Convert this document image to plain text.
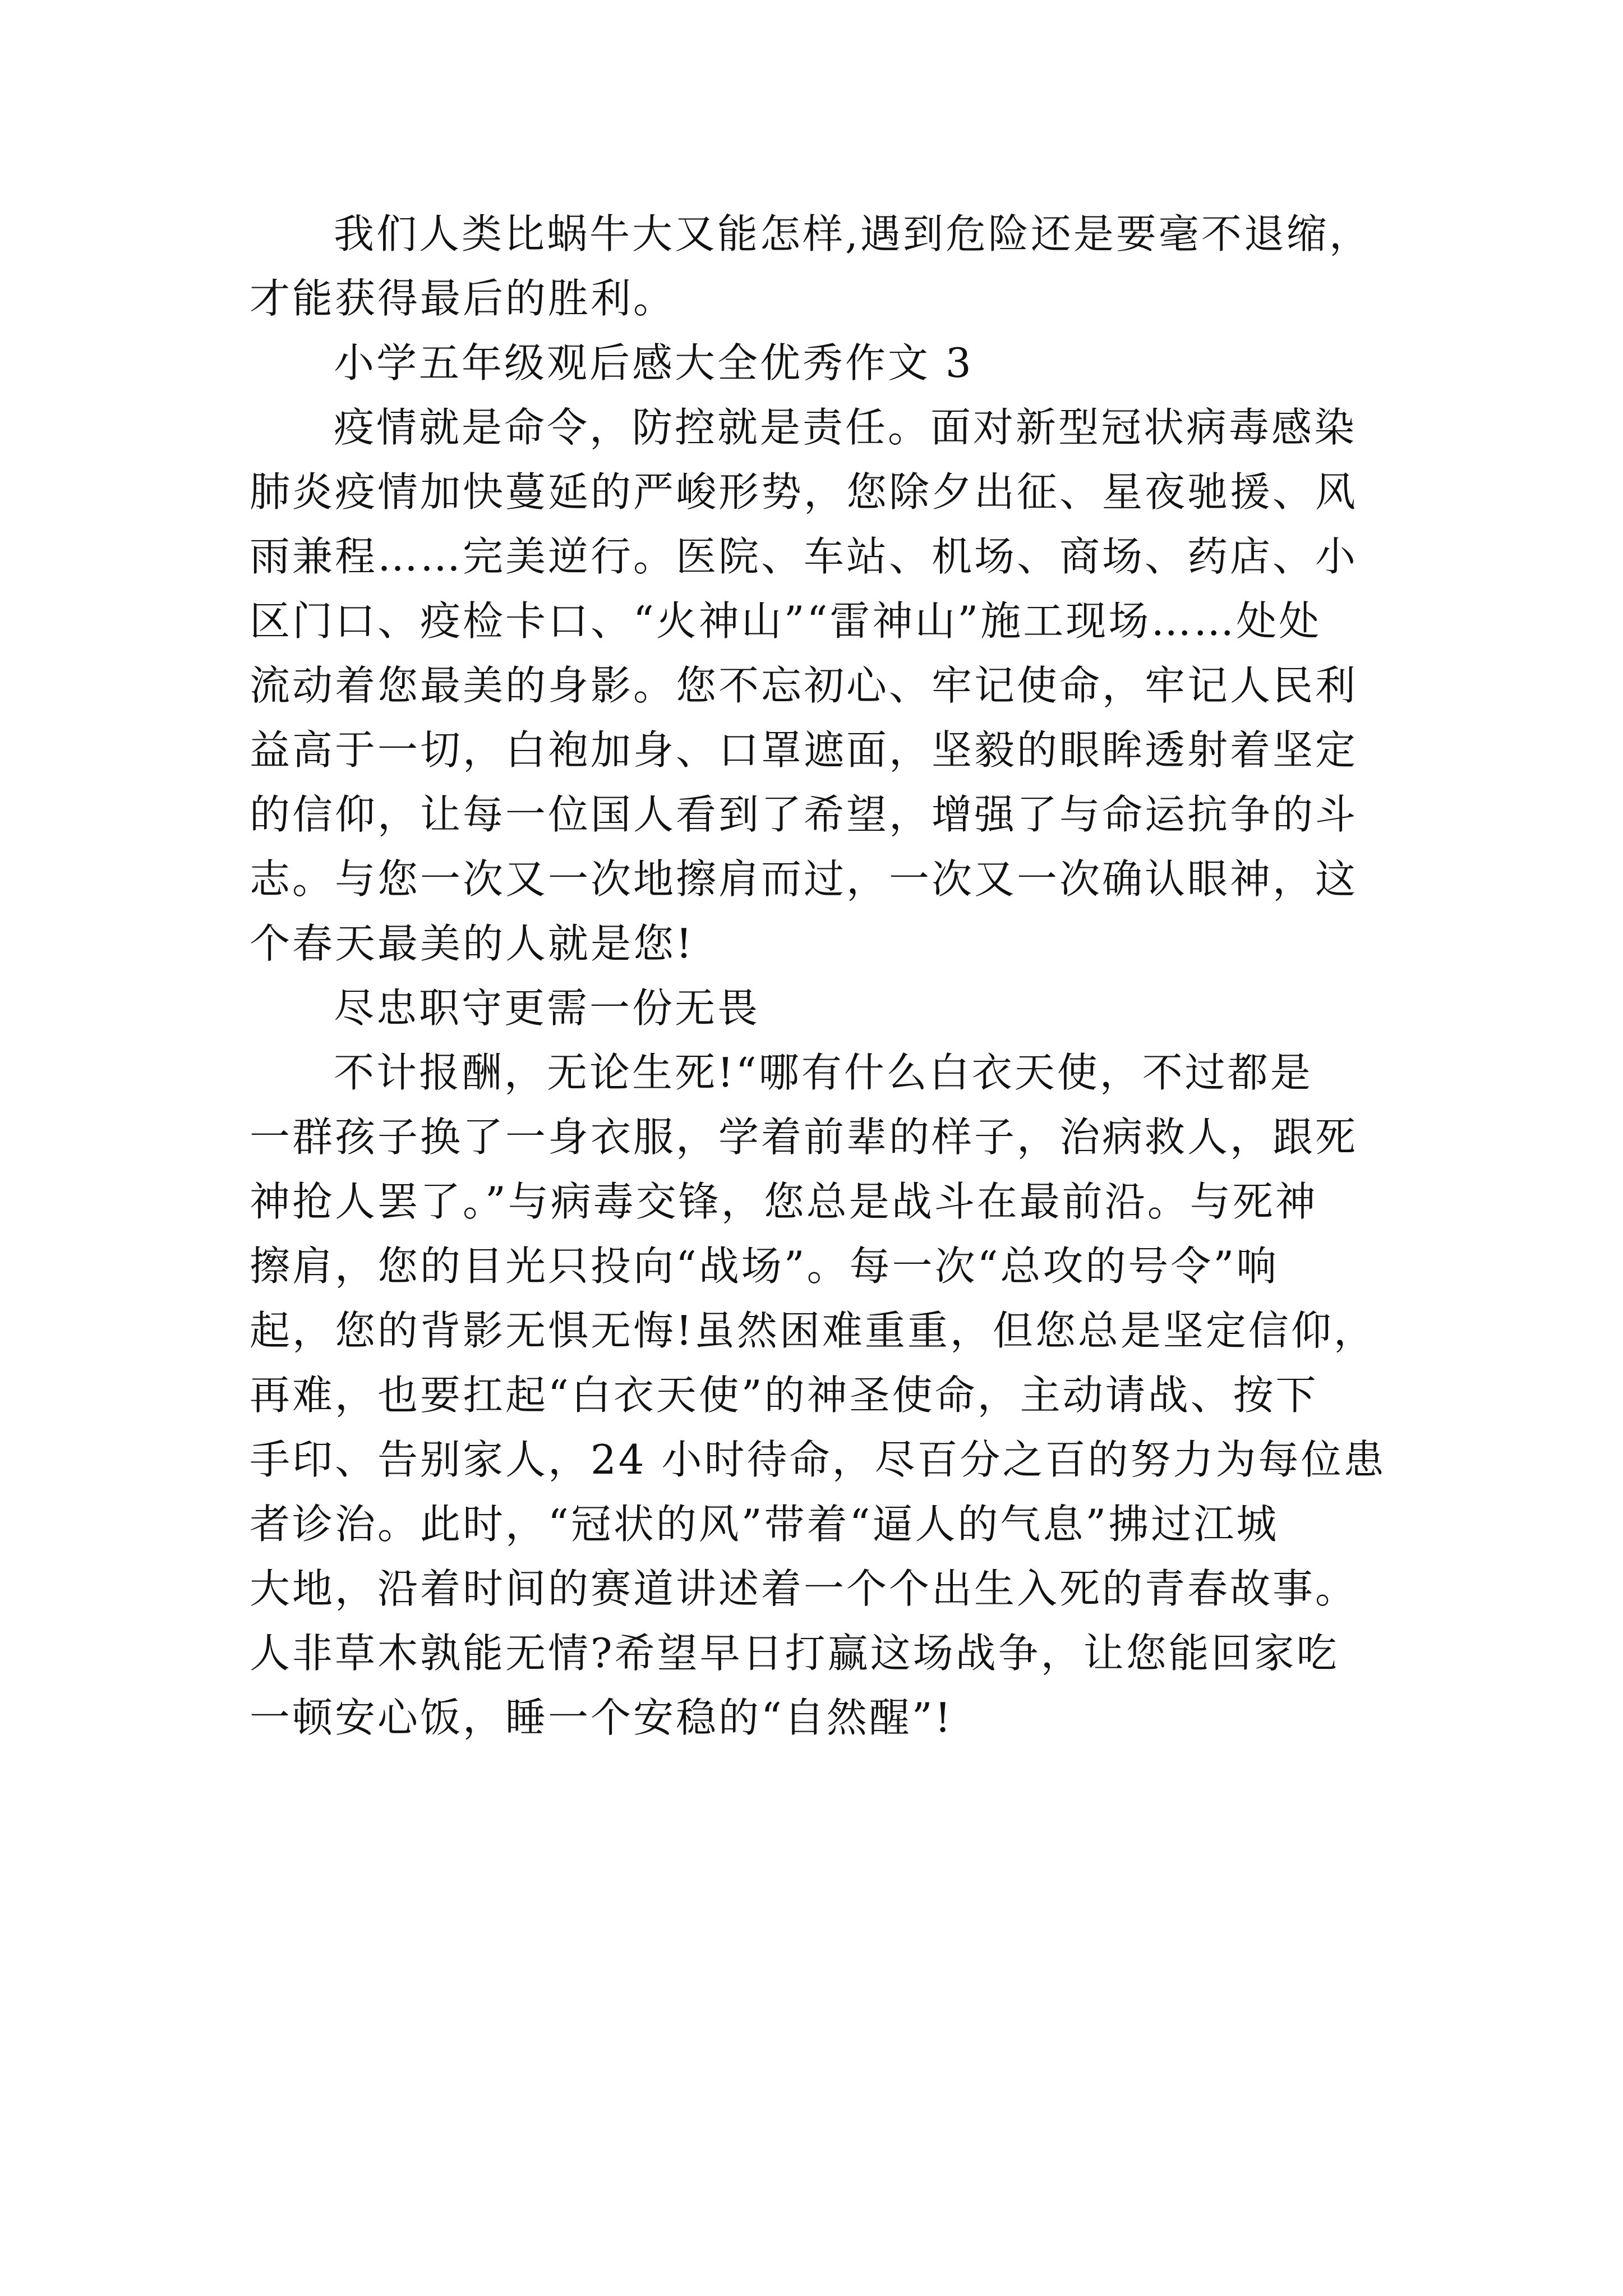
我们人类比蜗牛大又能怎样,遇到危险还是要毫不退缩，
才能获得最后的胜利。

小学五年级观后感大全优秀作文 3

疫情就是命令，防控就是责任。面对新型冠状病毒感染
肺炎疫情加快蔓延的严峻形势，您除夕出征、星夜驰援、风
雨兼程……完美逆行。医院、车站、机场、商场、药店、小
区门口、疫检卡口、“火神山”“雷神山”施工现场……处处
流动着您最美的身影。您不忘初心、牢记使命，牢记人民利
益高于一切，白袍加身、口罩遮面，坚毅的眼眸透射着坚定
的信仰，让每一位国人看到了希望，增强了与命运抗争的斗
志。与您一次又一次地擦肩而过，一次又一次确认眼神，这
个春天最美的人就是您!

尽忠职守更需一份无畏

不计报酬，无论生死!“哪有什么白衣天使，不过都是
一群孩子换了一身衣服，学着前辈的样子，治病救人，跟死
神抢人罢了。”与病毒交锋，您总是战斗在最前沿。与死神
擦肩，您的目光只投向“战场”。每一次“总攻的号令”响
起，您的背影无惧无悔!虽然困难重重，但您总是坚定信仰，
再难，也要扛起“白衣天使”的神圣使命，主动请战、按下
手印、告别家人，24 小时待命，尽百分之百的努力为每位患
者诊治。此时，“冠状的风”带着“逼人的气息”拂过江城
大地，沿着时间的赛道讲述着一个个出生入死的青春故事。
人非草木孰能无情?希望早日打赢这场战争，让您能回家吃
一顿安心饭，睡一个安稳的“自然醒”!
